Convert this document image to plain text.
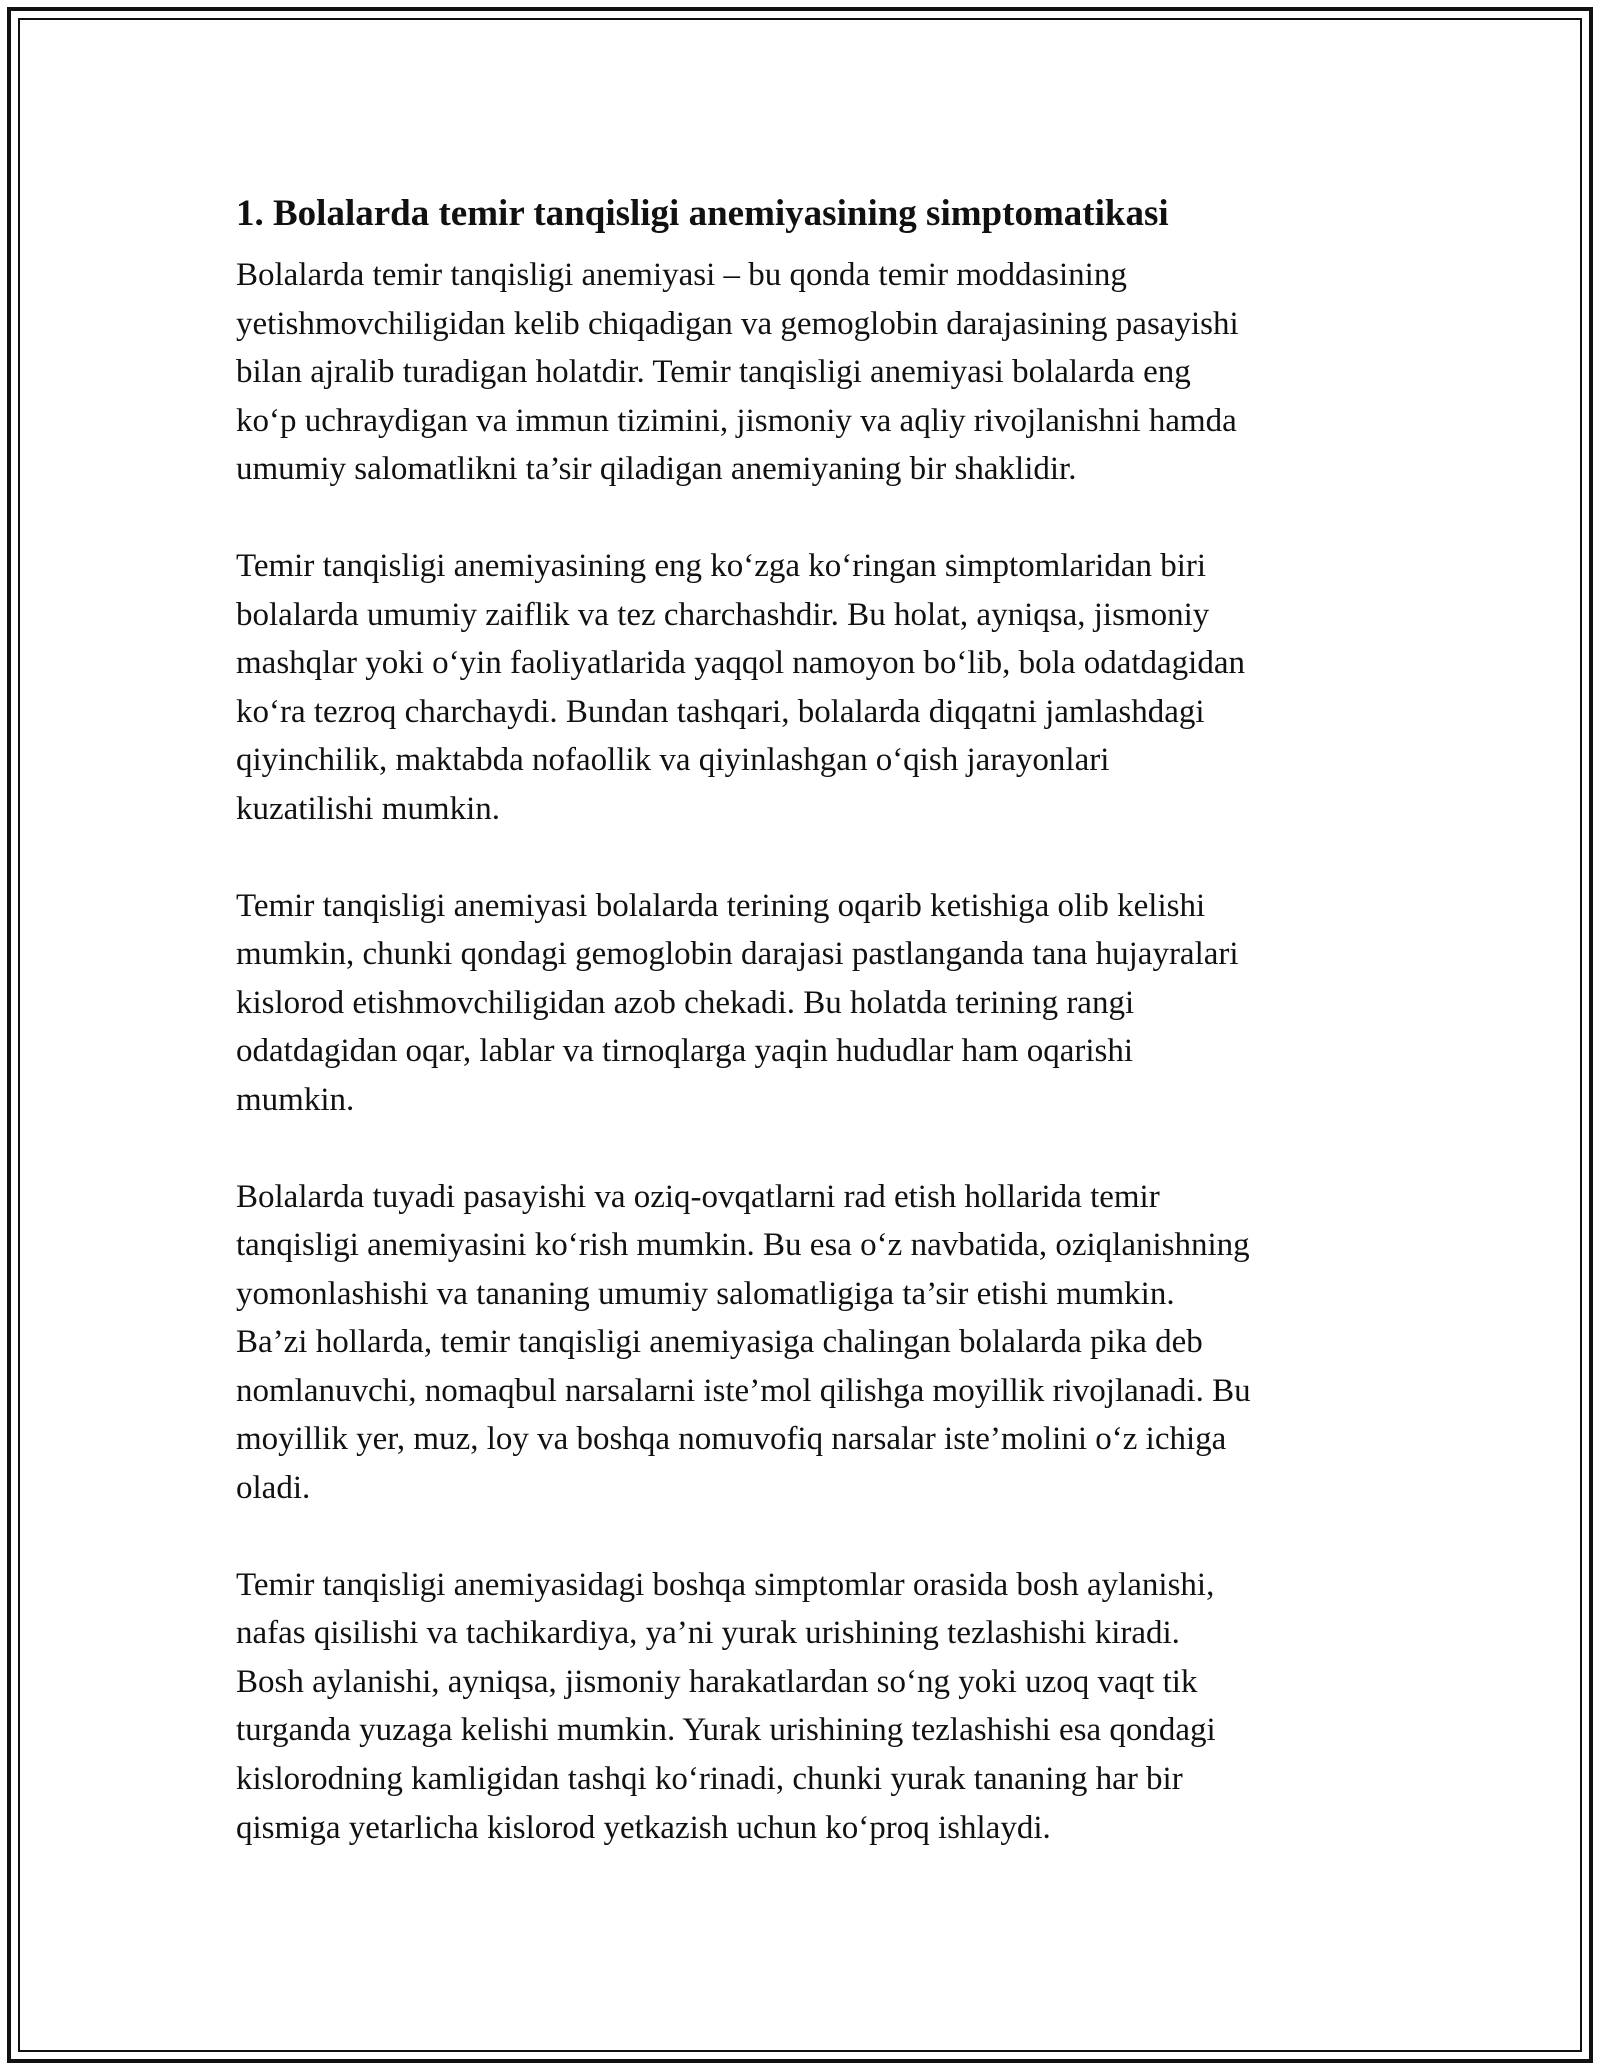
1. Bolalarda temir tanqisligi anemiyasining simptomatikasi
Bolalarda temir tanqisligi anemiyasi – bu qonda temir moddasining
yetishmovchiligidan kelib chiqadigan va gemoglobin darajasining pasayishi
bilan ajralib turadigan holatdir. Temir tanqisligi anemiyasi bolalarda eng
ko‘p uchraydigan va immun tizimini, jismoniy va aqliy rivojlanishni hamda
umumiy salomatlikni ta’sir qiladigan anemiyaning bir shaklidir.
Temir tanqisligi anemiyasining eng ko‘zga ko‘ringan simptomlaridan biri
bolalarda umumiy zaiflik va tez charchashdir. Bu holat, ayniqsa, jismoniy
mashqlar yoki o‘yin faoliyatlarida yaqqol namoyon bo‘lib, bola odatdagidan
ko‘ra tezroq charchaydi. Bundan tashqari, bolalarda diqqatni jamlashdagi
qiyinchilik, maktabda nofaollik va qiyinlashgan o‘qish jarayonlari
kuzatilishi mumkin.
Temir tanqisligi anemiyasi bolalarda terining oqarib ketishiga olib kelishi
mumkin, chunki qondagi gemoglobin darajasi pastlanganda tana hujayralari
kislorod etishmovchiligidan azob chekadi. Bu holatda terining rangi
odatdagidan oqar, lablar va tirnoqlarga yaqin hududlar ham oqarishi
mumkin.
Bolalarda tuyadi pasayishi va oziq-ovqatlarni rad etish hollarida temir
tanqisligi anemiyasini ko‘rish mumkin. Bu esa o‘z navbatida, oziqlanishning
yomonlashishi va tananing umumiy salomatligiga ta’sir etishi mumkin.
Ba’zi hollarda, temir tanqisligi anemiyasiga chalingan bolalarda pika deb
nomlanuvchi, nomaqbul narsalarni iste’mol qilishga moyillik rivojlanadi. Bu
moyillik yer, muz, loy va boshqa nomuvofiq narsalar iste’molini o‘z ichiga
oladi.
Temir tanqisligi anemiyasidagi boshqa simptomlar orasida bosh aylanishi,
nafas qisilishi va tachikardiya, ya’ni yurak urishining tezlashishi kiradi.
Bosh aylanishi, ayniqsa, jismoniy harakatlardan so‘ng yoki uzoq vaqt tik
turganda yuzaga kelishi mumkin. Yurak urishining tezlashishi esa qondagi
kislorodning kamligidan tashqi ko‘rinadi, chunki yurak tananing har bir
qismiga yetarlicha kislorod yetkazish uchun ko‘proq ishlaydi.
